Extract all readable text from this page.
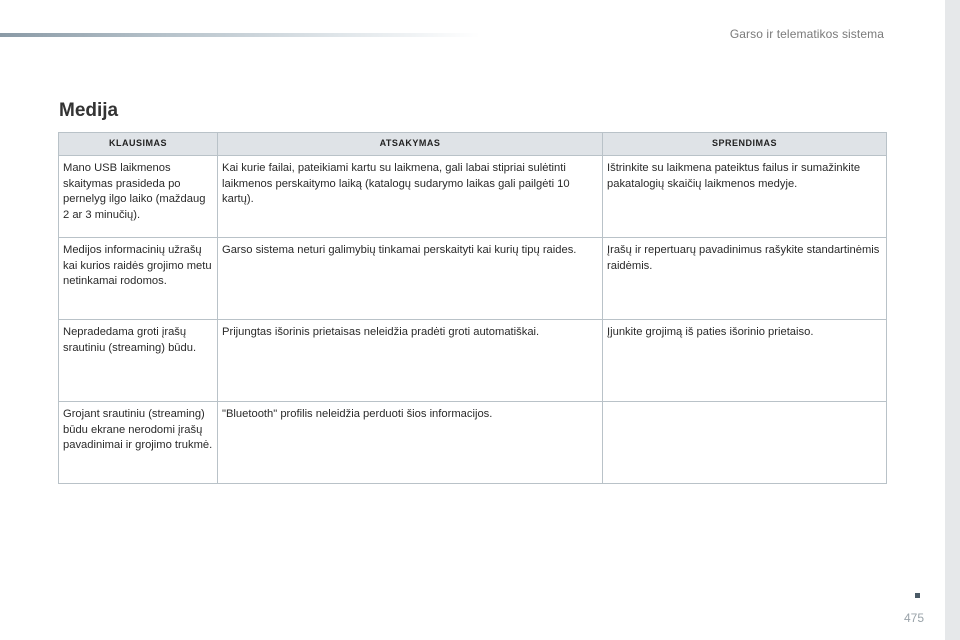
Garso ir telematikos sistema
Medija
KLAUSIMAS	ATSAKYMAS	SPRENDIMAS
Mano USB laikmenos skaitymas prasideda po pernelyg ilgo laiko (maždaug 2 ar 3 minučių).	Kai kurie failai, pateikiami kartu su laikmena, gali labai stipriai sulėtinti laikmenos perskaitymo laiką (katalogų sudarymo laikas gali pailgėti 10 kartų).	Ištrinkite su laikmena pateiktus failus ir sumažinkite pakatalogių skaičių laikmenos medyje.
Medijos informacinių užrašų kai kurios raidės grojimo metu netinkamai rodomos.	Garso sistema neturi galimybių tinkamai perskaityti kai kurių tipų raides.	Įrašų ir repertuarų pavadinimus rašykite standartinėmis raidėmis.
Nepradedama groti įrašų srautiniu (streaming) būdu.	Prijungtas išorinis prietaisas neleidžia pradėti groti automatiškai.	Įjunkite grojimą iš paties išorinio prietaiso.
Grojant srautiniu (streaming) būdu ekrane nerodomi įrašų pavadinimai ir grojimo trukmė.	"Bluetooth" profilis neleidžia perduoti šios informacijos.	
475
